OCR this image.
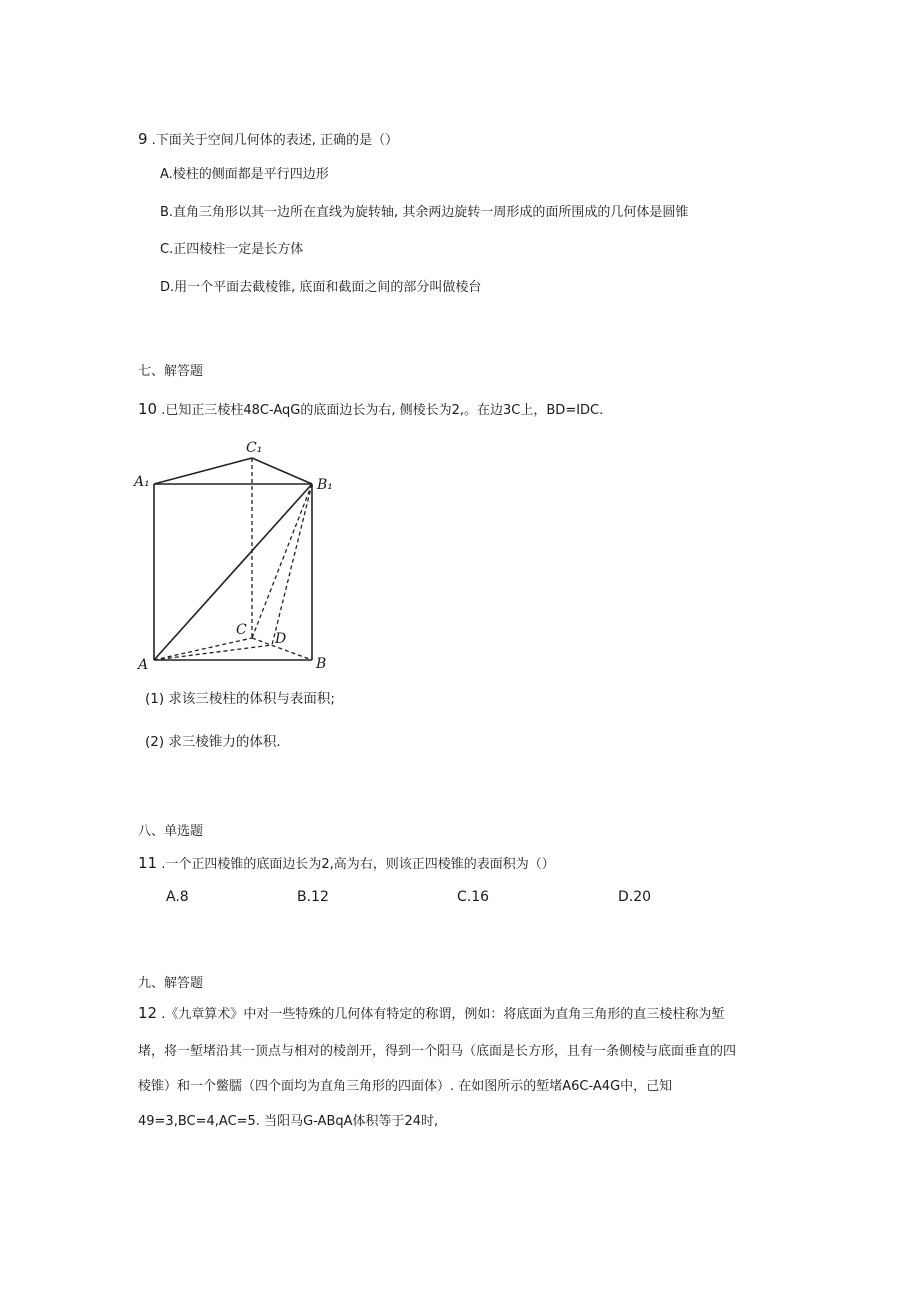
9 .下面关于空间几何体的表述, 正确的是（）
A.棱柱的侧面都是平行四边形
B.直角三角形以其一边所在直线为旋转轴, 其余两边旋转一周形成的面所围成的几何体是圆锥
C.正四棱柱一定是长方体
D.用一个平面去截棱锥, 底面和截面之间的部分叫做棱台
七、解答题
10 .已知正三棱柱48C-AqG的底面边长为右, 侧棱长为2,。在边3C上，BD=IDC.
C₁
A₁	B₁
C
D
A	B
(1) 求该三棱柱的体积与表面积;
(2) 求三棱锥力的体积.
八、单选题
11 .一个正四棱锥的底面边长为2,高为右，则该正四棱锥的表面积为（）
A.8	B.12	C.16	D.20
九、解答题
12 .《九章算术》中对一些特殊的几何体有特定的称谓，例如：将底面为直角三角形的直三棱柱称为堑
堵，将一堑堵沿其一顶点与相对的棱剖开，得到一个阳马（底面是长方形，且有一条侧棱与底面垂直的四
棱锥）和一个鳖臑（四个面均为直角三角形的四面体）. 在如图所示的堑堵A6C-A4G中，己知
49=3,BC=4,AC=5. 当阳马G-ABqA体积等于24时,
